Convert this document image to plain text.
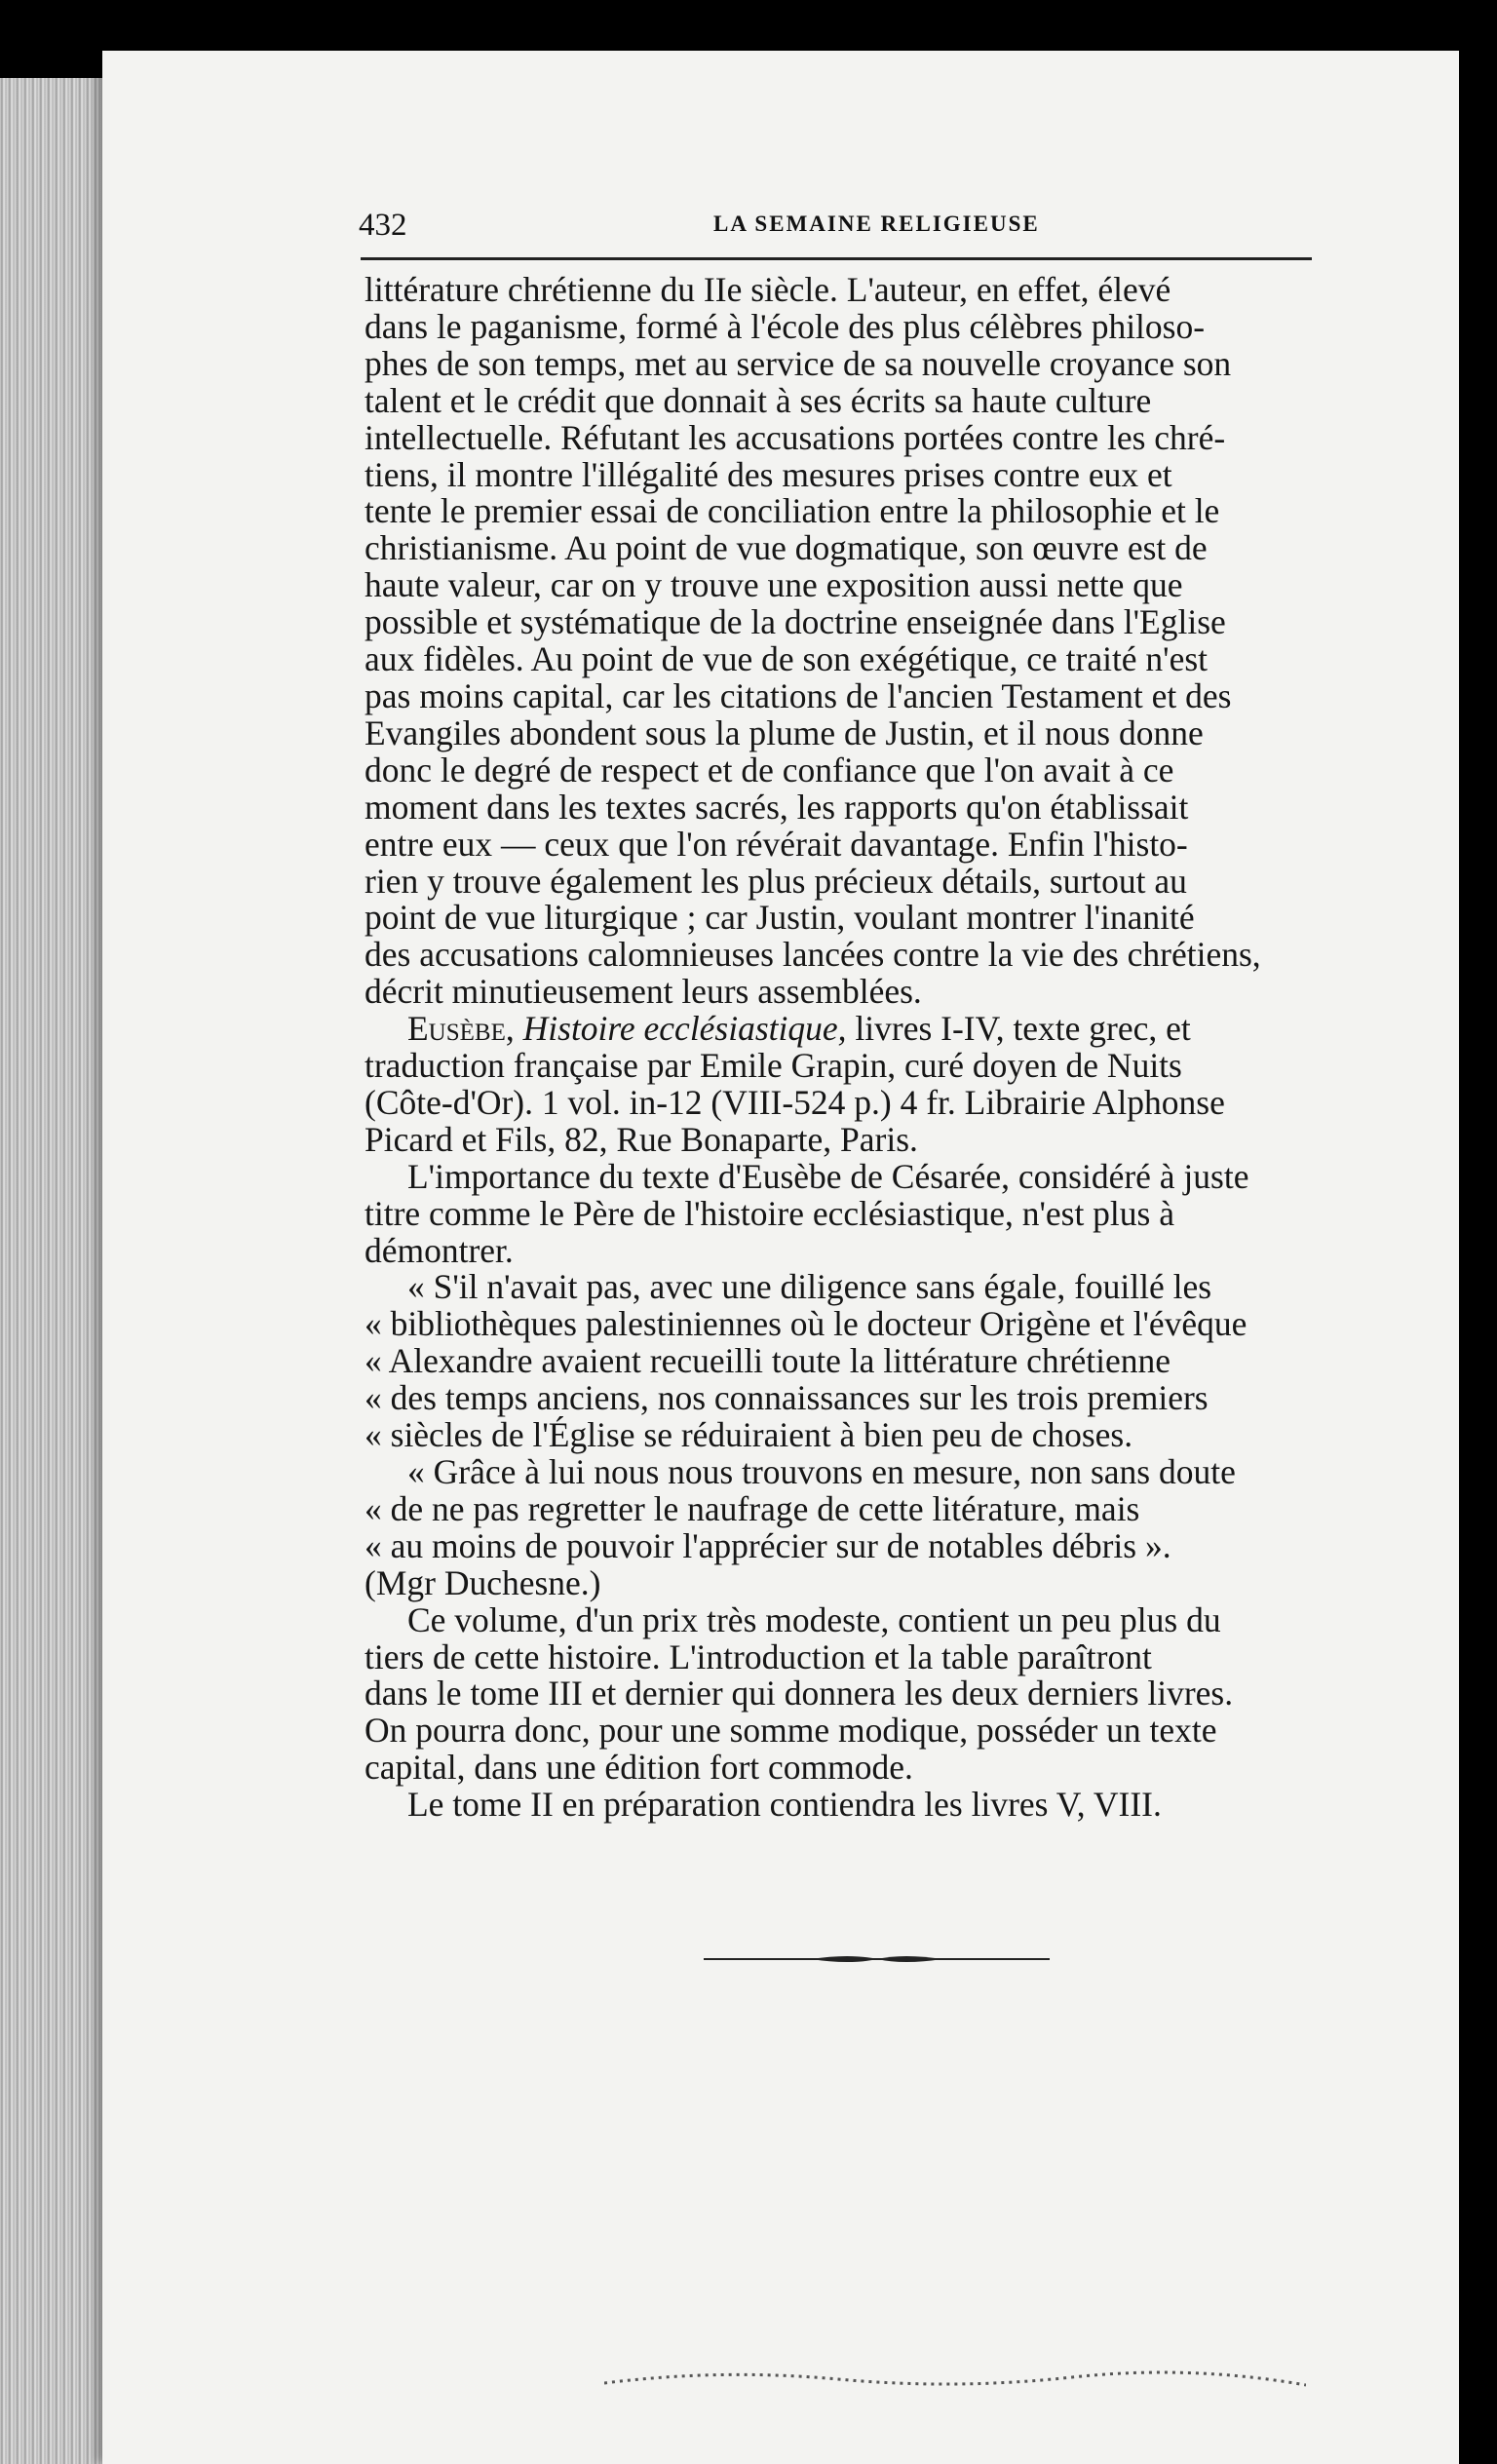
432	LA SEMAINE RELIGIEUSE
littérature chrétienne du IIe siècle. L'auteur, en effet, élevé
dans le paganisme, formé à l'école des plus célèbres philoso-
phes de son temps, met au service de sa nouvelle croyance son
talent et le crédit que donnait à ses écrits sa haute culture
intellectuelle. Réfutant les accusations portées contre les chré-
tiens, il montre l'illégalité des mesures prises contre eux et
tente le premier essai de conciliation entre la philosophie et le
christianisme. Au point de vue dogmatique, son œuvre est de
haute valeur, car on y trouve une exposition aussi nette que
possible et systématique de la doctrine enseignée dans l'Eglise
aux fidèles. Au point de vue de son exégétique, ce traité n'est
pas moins capital, car les citations de l'ancien Testament et des
Evangiles abondent sous la plume de Justin, et il nous donne
donc le degré de respect et de confiance que l'on avait à ce
moment dans les textes sacrés, les rapports qu'on établissait
entre eux — ceux que l'on révérait davantage. Enfin l'histo-
rien y trouve également les plus précieux détails, surtout au
point de vue liturgique ; car Justin, voulant montrer l'inanité
des accusations calomnieuses lancées contre la vie des chrétiens,
décrit minutieusement leurs assemblées.
Eusèbe, Histoire ecclésiastique, livres I-IV, texte grec, et
traduction française par Emile Grapin, curé doyen de Nuits
(Côte-d'Or). 1 vol. in-12 (VIII-524 p.) 4 fr. Librairie Alphonse
Picard et Fils, 82, Rue Bonaparte, Paris.
L'importance du texte d'Eusèbe de Césarée, considéré à juste
titre comme le Père de l'histoire ecclésiastique, n'est plus à
démontrer.
« S'il n'avait pas, avec une diligence sans égale, fouillé les
« bibliothèques palestiniennes où le docteur Origène et l'évêque
« Alexandre avaient recueilli toute la littérature chrétienne
« des temps anciens, nos connaissances sur les trois premiers
« siècles de l'Église se réduiraient à bien peu de choses.
« Grâce à lui nous nous trouvons en mesure, non sans doute
« de ne pas regretter le naufrage de cette litérature, mais
« au moins de pouvoir l'apprécier sur de notables débris ».
(Mgr Duchesne.)
Ce volume, d'un prix très modeste, contient un peu plus du
tiers de cette histoire. L'introduction et la table paraîtront
dans le tome III et dernier qui donnera les deux derniers livres.
On pourra donc, pour une somme modique, posséder un texte
capital, dans une édition fort commode.
Le tome II en préparation contiendra les livres V, VIII.
